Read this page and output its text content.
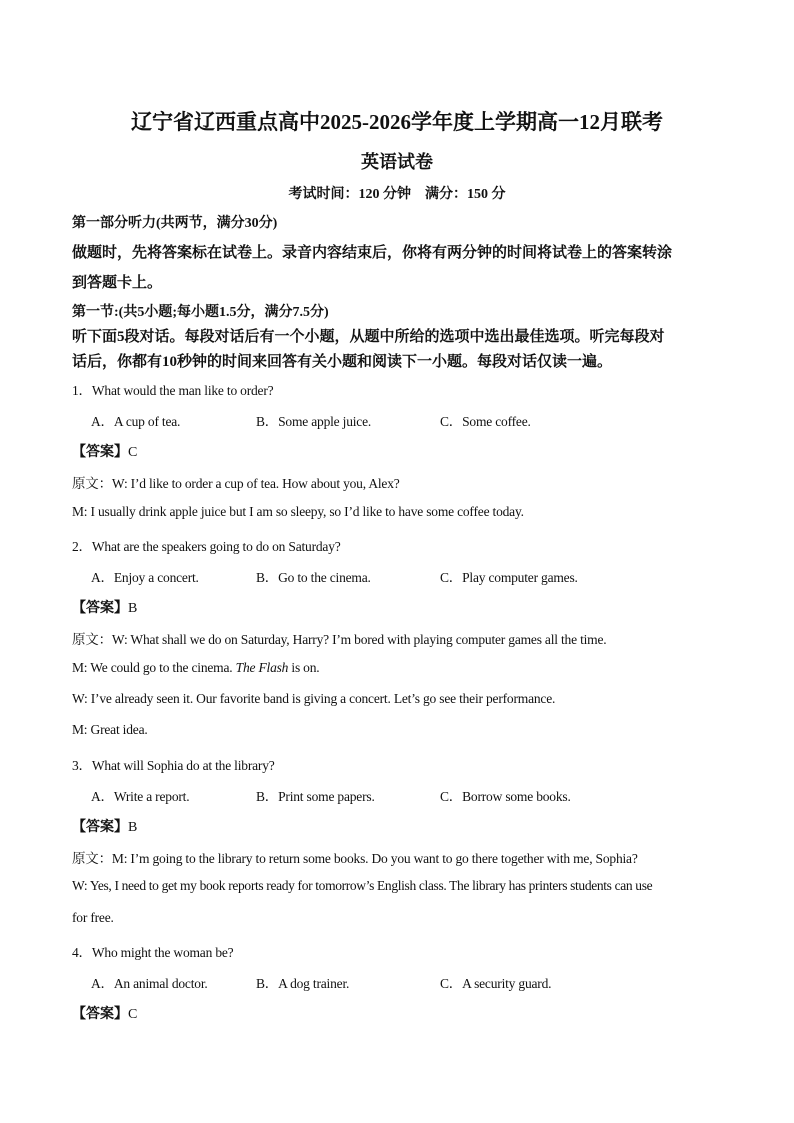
辽宁省辽西重点高中2025-2026学年度上学期高一12月联考
英语试卷
考试时间：120 分钟　满分：150 分
第一部分听力(共两节，满分30分)
做题时，先将答案标在试卷上。录音内容结束后，你将有两分钟的时间将试卷上的答案转涂
到答题卡上。
第一节:(共5小题;每小题1.5分，满分7.5分)
听下面5段对话。每段对话后有一个小题，从题中所给的选项中选出最佳选项。听完每段对
话后，你都有10秒钟的时间来回答有关小题和阅读下一小题。每段对话仅读一遍。
1．What would the man like to order?
A．A cup of tea.	B．Some apple juice.	C．Some coffee.
【答案】C
原文：W: I’d like to order a cup of tea. How about you, Alex?
M: I usually drink apple juice but I am so sleepy, so I’d like to have some coffee today.
2．What are the speakers going to do on Saturday?
A．Enjoy a concert.	B．Go to the cinema.	C．Play computer games.
【答案】B
原文：W: What shall we do on Saturday, Harry? I’m bored with playing computer games all the time.
M: We could go to the cinema. The Flash is on.
W: I’ve already seen it. Our favorite band is giving a concert. Let’s go see their performance.
M: Great idea.
3．What will Sophia do at the library?
A．Write a report.	B．Print some papers.	C．Borrow some books.
【答案】B
原文：M: I’m going to the library to return some books. Do you want to go there together with me, Sophia?
W: Yes, I need to get my book reports ready for tomorrow’s English class. The library has printers students can use
for free.
4．Who might the woman be?
A．An animal doctor.	B．A dog trainer.	C．A security guard.
【答案】C
